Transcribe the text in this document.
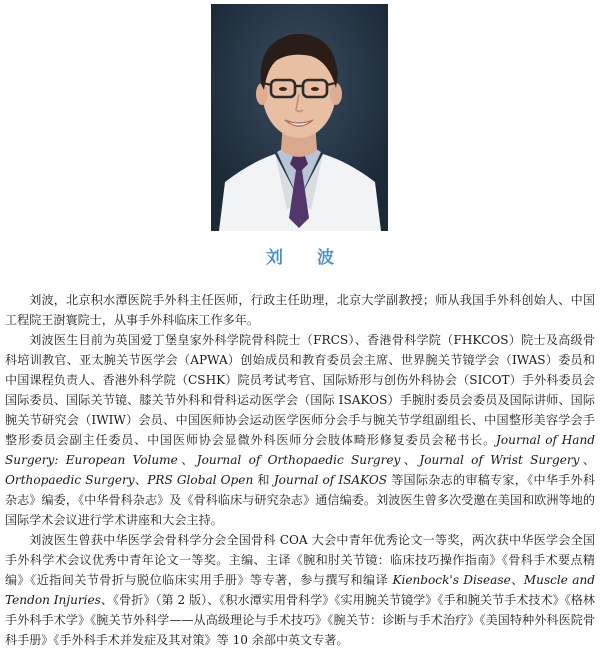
刘 波

刘波，北京积水潭医院手外科主任医师，行政主任助理，北京大学副教授；师从我国手外科创始人、中国工程院王澍寰院士，从事手外科临床工作多年。

刘波医生目前为英国爱丁堡皇家外科学院骨科院士（FRCS）、香港骨科学院（FHKCOS）院士及高级骨科培训教官、亚太腕关节医学会（APWA）创始成员和教育委员会主席、世界腕关节镜学会（IWAS）委员和中国课程负责人、香港外科学院（CSHK）院员考试考官、国际矫形与创伤外科协会（SICOT）手外科委员会国际委员、国际关节镜、膝关节外科和骨科运动医学会（国际 ISAKOS）手腕肘委员会委员及国际讲师、国际腕关节研究会（IWIW）会员、中国医师协会运动医学医师分会手与腕关节学组副组长、中国整形美容学会手整形委员会副主任委员、中国医师协会显微外科医师分会肢体畸形修复委员会秘书长。Journal of Hand Surgery: European Volume、Journal of Orthopaedic Surgrey、Journal of Wrist Surgery、Orthopaedic Surgery、PRS Global Open 和 Journal of ISAKOS 等国际杂志的审稿专家，《中华手外科杂志》编委，《中华骨科杂志》及《骨科临床与研究杂志》通信编委。刘波医生曾多次受邀在美国和欧洲等地的国际学术会议进行学术讲座和大会主持。

刘波医生曾获中华医学会骨科学分会全国骨科 COA 大会中青年优秀论文一等奖，两次获中华医学会全国手外科学术会议优秀中青年论文一等奖。主编、主译《腕和肘关节镜：临床技巧操作指南》《骨科手术要点精编》《近指间关节骨折与脱位临床实用手册》等专著，参与撰写和编译 Kienbock's Disease、Muscle and Tendon Injuries、《骨折》（第 2 版）、《积水潭实用骨科学》《实用腕关节镜学》《手和腕关节手术技术》《格林手外科手术学》《腕关节外科学——从高级理论与手术技巧》《腕关节：诊断与手术治疗》《美国特种外科医院骨科手册》《手外科手术并发症及其对策》等 10 余部中英文专著。
